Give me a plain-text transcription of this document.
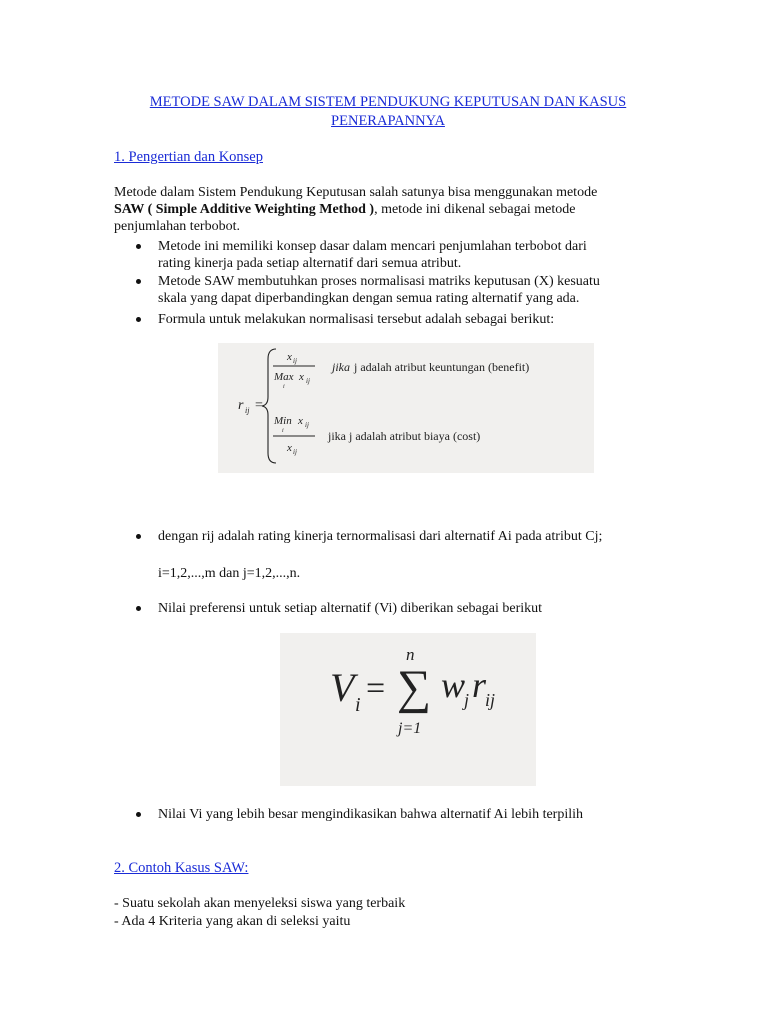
METODE SAW DALAM SISTEM PENDUKUNG KEPUTUSAN DAN KASUS
PENERAPANNYA
1. Pengertian dan Konsep

Metode dalam Sistem Pendukung Keputusan salah satunya bisa menggunakan metode
SAW ( Simple Additive Weighting Method ), metode ini dikenal sebagai metode
penjumlahan terbobot.

Metode ini memiliki konsep dasar dalam mencari penjumlahan terbobot dari
rating kinerja pada setiap alternatif dari semua atribut.
Metode SAW membutuhkan proses normalisasi matriks keputusan (X) kesuatu
skala yang dapat diperbandingkan dengan semua rating alternatif yang ada.
Formula untuk melakukan normalisasi tersebut adalah sebagai berikut:
r ij =
x ij
Max x ij
i
jika j adalah atribut keuntungan (benefit)
Min x ij
i
x ij
jika j adalah atribut biaya (cost)
dengan rij adalah rating kinerja ternormalisasi dari alternatif Ai pada atribut Cj;

i=1,2,...,m dan j=1,2,...,n.

Nilai preferensi untuk setiap alternatif (Vi) diberikan sebagai berikut
V i = ∑
n
j=1
w
j r
ij
Nilai Vi yang lebih besar mengindikasikan bahwa alternatif Ai lebih terpilih
2. Contoh Kasus SAW:

- Suatu sekolah akan menyeleksi siswa yang terbaik

- Ada 4 Kriteria yang akan di seleksi yaitu
